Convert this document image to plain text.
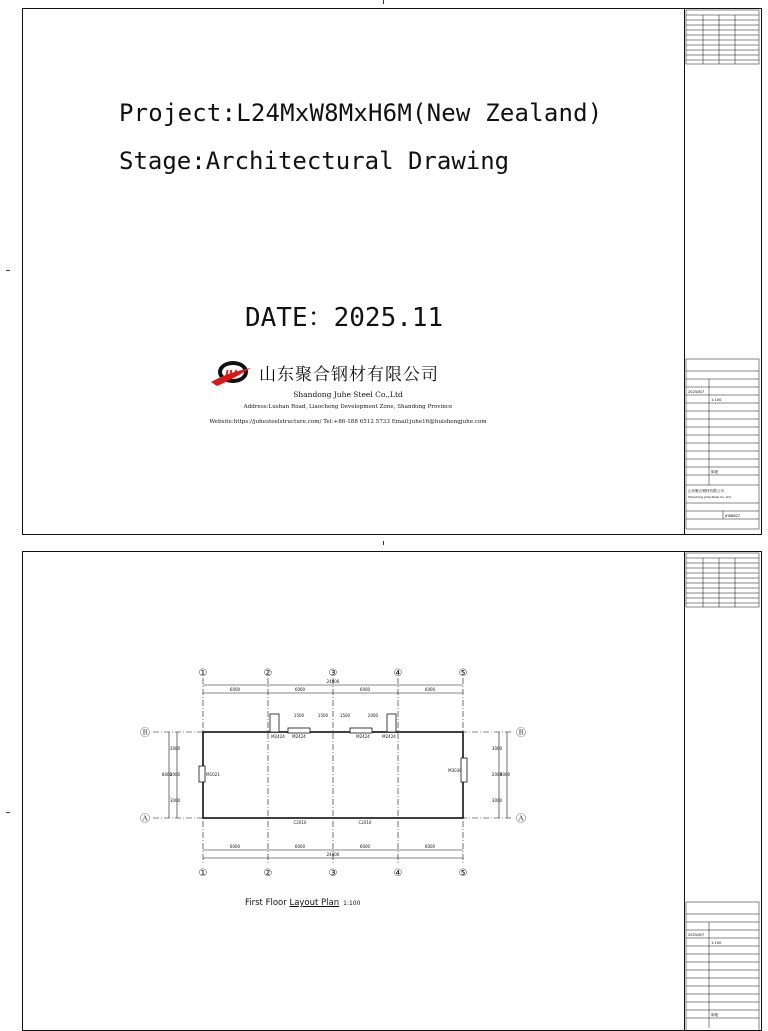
Project:L24MxW8MxH6M(New Zealand)
Stage:Architectural Drawing
DATE：2025.11
JH 山东聚合钢材有限公司
Shandong Juhe Steel Co.,Ltd
Address:Lushan Road, Liaocheng Development Zone, Shandong Province
Website:https://juhesteelstructure.com/ Tel:+86-188 6512 5733 Email:juhe16@huishengjuhe.com
2025/8/7
1:100
陈艳
山东聚合钢材有限公司
Shandong Juhe Steel Co.,Ltd
JH08627
24000
24000
6000	6000	6000	6000
6000	6000	6000	6000
1500	1500	1500	2000
M2424 M2424	M2424	M2424
C2010	C2010
M1021
M3030
8000
3000
2000
3000
8000
3000
2000
3000
①	②	③	④	⑤
①	②	③	④	⑤
Ⓑ
Ⓐ
Ⓑ
Ⓐ
First Floor Layout Plan 1:100
2025/8/7
1:100
陈艳
